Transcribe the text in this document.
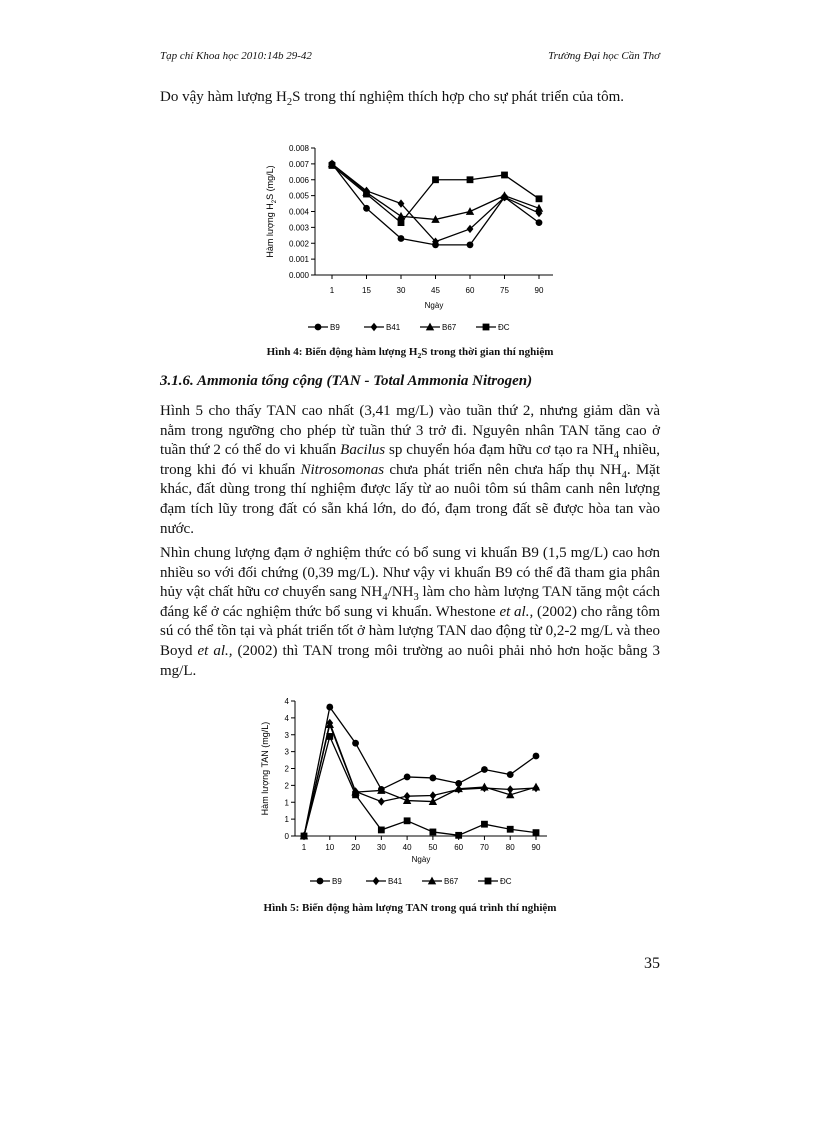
Tạp chí Khoa học 2010:14b 29-42	Trường Đại học Cần Thơ

Do vậy hàm lượng $H_2S$ trong thí nghiệm thích hợp cho sự phát triển của tôm.

0.000
0.001
0.002
0.003
0.004
0.005
0.006
0.007
0.008
1	15	30	45	60	75	90
Ngày
Hàm lượng $H_2S$ (mg/L)
B9	B41	B67	ĐC

Hình 4: Biến động hàm lượng $H_2S$ trong thời gian thí nghiệm

3.1.6. Ammonia tổng cộng (TAN - Total Ammonia Nitrogen)

Hình 5 cho thấy TAN cao nhất (3,41 mg/L) vào tuần thứ 2, nhưng giảm dần và nằm trong ngưỡng cho phép từ tuần thứ 3 trở đi. Nguyên nhân TAN tăng cao ở tuần thứ 2 có thể do vi khuẩn Bacilus sp chuyển hóa đạm hữu cơ tạo ra $NH_4$ nhiều, trong khi đó vi khuẩn Nitrosomonas chưa phát triển nên chưa hấp thụ $NH_4$. Mặt khác, đất dùng trong thí nghiệm được lấy từ ao nuôi tôm sú thâm canh nên lượng đạm tích lũy trong đất có sẵn khá lớn, do đó, đạm trong đất sẽ được hòa tan vào nước.

Nhìn chung lượng đạm ở nghiệm thức có bổ sung vi khuẩn B9 (1,5 mg/L) cao hơn nhiều so với đối chứng (0,39 mg/L). Như vậy vi khuẩn B9 có thể đã tham gia phân hủy vật chất hữu cơ chuyển sang $NH_4/NH_3$ làm cho hàm lượng TAN tăng một cách đáng kể ở các nghiệm thức bổ sung vi khuẩn. Whestone et al., (2002) cho rằng tôm sú có thể tồn tại và phát triển tốt ở hàm lượng TAN dao động từ 0,2-2 mg/L và theo Boyd et al., (2002) thì TAN trong môi trường ao nuôi phải nhỏ hơn hoặc bằng 3 mg/L.

0
1
1
2
2
3
3
4
4
1 10 20 30 40 50 60 70 80 90
Ngày
Hàm lượng TAN (mg/L)
B9	B41	B67	ĐC

Hình 5: Biến động hàm lượng TAN trong quá trình thí nghiệm

35
